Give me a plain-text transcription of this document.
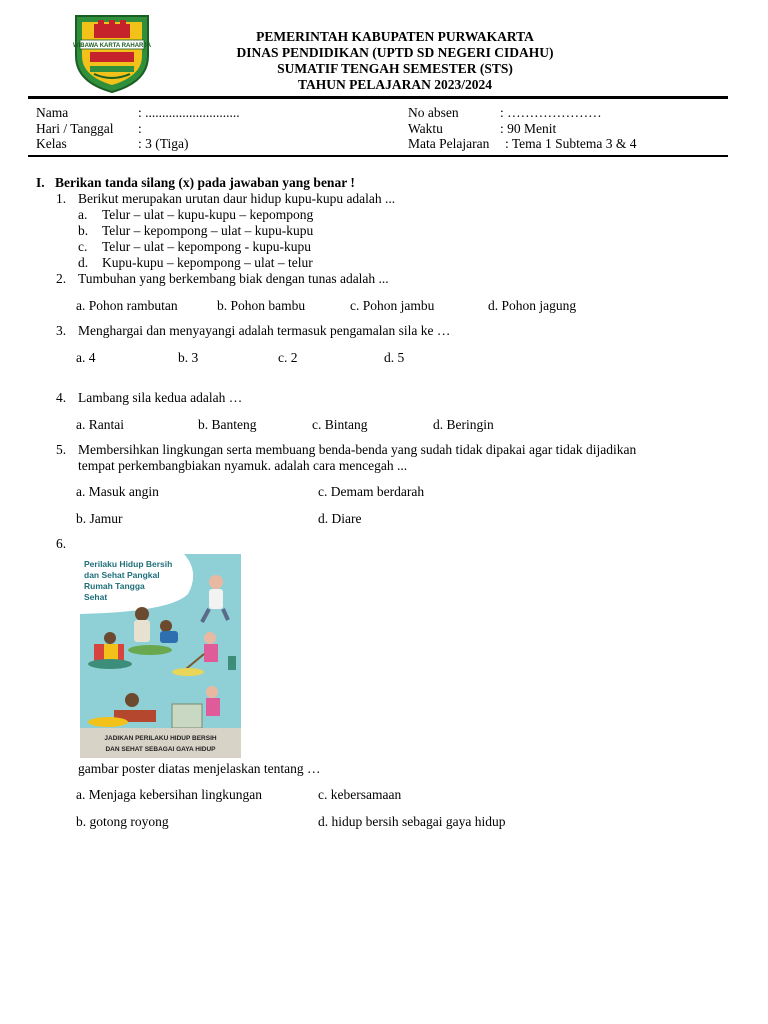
WIBAWA KARTA RAHARJA
PEMERINTAH KABUPATEN PURWAKARTA
DINAS PENDIDIKAN (UPTD SD NEGERI CIDAHU)
SUMATIF TENGAH SEMESTER (STS)
TAHUN PELAJARAN 2023/2024
Nama	: ............................
Hari / Tanggal :
Kelas	: 3 (Tiga)
No absen	: …………………
Waktu	: 90 Menit
Mata Pelajaran : Tema 1 Subtema 3 & 4
I. Berikan tanda silang (x) pada jawaban yang benar !
1. Berikut merupakan urutan daur hidup kupu-kupu adalah ...
a. Telur – ulat – kupu-kupu – kepompong
b. Telur – kepompong – ulat – kupu-kupu
c. Telur – ulat – kepompong - kupu-kupu
d. Kupu-kupu – kepompong – ulat – telur
2. Tumbuhan yang berkembang biak dengan tunas adalah ...
a. Pohon rambutan	b. Pohon bambu	c. Pohon jambu	d. Pohon jagung
3. Menghargai dan menyayangi adalah termasuk pengamalan sila ke …
a. 4	b. 3	c. 2	d. 5
4. Lambang sila kedua adalah …
a. Rantai	b. Banteng	c. Bintang	d. Beringin
5. Membersihkan lingkungan serta membuang benda-benda yang sudah tidak dipakai agar tidak dijadikan
tempat perkembangbiakan nyamuk. adalah cara mencegah ...
a. Masuk angin	c. Demam berdarah
b. Jamur	d. Diare
6.
Perilaku Hidup Bersih
dan Sehat Pangkal
Rumah Tangga
Sehat
JADIKAN PERILAKU HIDUP BERSIH
DAN SEHAT SEBAGAI GAYA HIDUP
gambar poster diatas menjelaskan tentang …
a. Menjaga kebersihan lingkungan	c. kebersamaan
b. gotong royong	d. hidup bersih sebagai gaya hidup
